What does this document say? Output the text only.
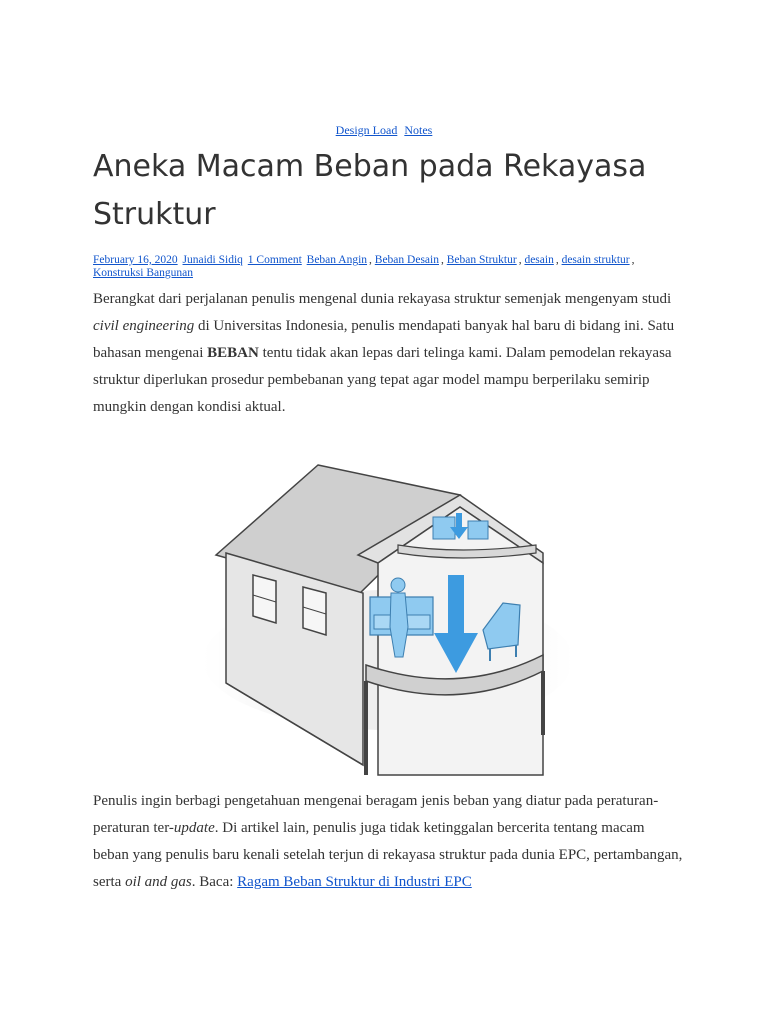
Design Load Notes
Aneka Macam Beban pada Rekayasa Struktur
February 16, 2020 Junaidi Sidiq 1 Comment Beban Angin , Beban Desain , Beban Struktur , desain , desain struktur ,
Konstruksi Bangunan

Berangkat dari perjalanan penulis mengenal dunia rekayasa struktur semenjak mengenyam studi civil engineering di Universitas Indonesia, penulis mendapati banyak hal baru di bidang ini. Satu bahasan mengenai BEBAN tentu tidak akan lepas dari telinga kami. Dalam pemodelan rekayasa struktur diperlukan prosedur pembebanan yang tepat agar model mampu berperilaku semirip mungkin dengan kondisi aktual.

Penulis ingin berbagi pengetahuan mengenai beragam jenis beban yang diatur pada peraturan-peraturan ter-update. Di artikel lain, penulis juga tidak ketinggalan bercerita tentang macam beban yang penulis baru kenali setelah terjun di rekayasa struktur pada dunia EPC, pertambangan, serta oil and gas. Baca: Ragam Beban Struktur di Industri EPC
